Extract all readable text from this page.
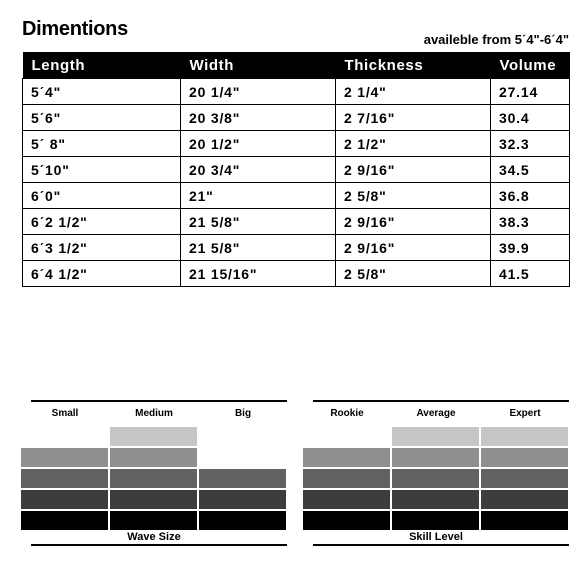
Dimentions	availeble from 5ˊ4"-6ˊ4"
Length	Width	Thickness	Volume
5ˊ4"	20 1/4"	2 1/4"	27.14
5ˊ6"	20 3/8"	2 7/16"	30.4
5ˊ 8"	20 1/2"	2 1/2"	32.3
5ˊ10"	20 3/4"	2 9/16"	34.5
6ˊ0"	21"	2 5/8"	36.8
6ˊ2 1/2"	21 5/8"	2 9/16"	38.3
6ˊ3 1/2"	21 5/8"	2 9/16"	39.9
6ˊ4 1/2"	21 15/16"	2 5/8"	41.5
Wave Size
Small	Medium	Big
Skill Level
Rookie	Average	Expert
